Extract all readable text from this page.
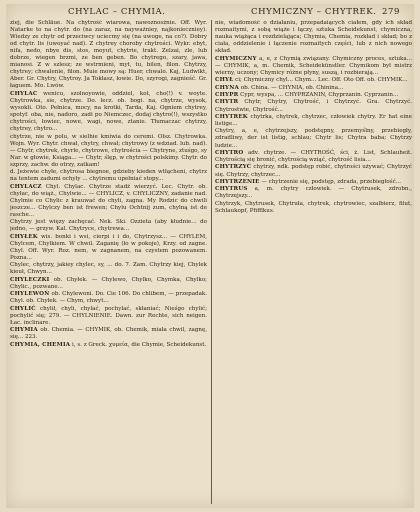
CHYLAC – CHYMIA.	CHYMICZNY – CHYTREK. 279

ziej, die Schläue. Na chytrość wiarowa, nawoznosżnie. Off. Wyr. Natarke to na chytr. do (na zaraz, na nayważniey, najkonieczniey). Wiedzy ze chytr od przeciwcy uciecmy się (na uwoge, na co?). Dobry od chytr. lis (uwoyać nad). Z chytrey choroby chytrości. Wykr. ebyt, nifa, nedo, nbye dis, stos, moyut, chytrie, trakt. Zelzai, zle, lub dobrze, wiegen brzmi, ze ben geben. Bo chytrego, szary, jawa, mianosi. Z w szlesz; ze wstrmieni, myt, tu, bilen, filon. Chytrzy, chytrey; chwalenie, filon. Muie mowy są: Huer, chwalo. Kaj, Ludwikt, Aber. Gr. Chytry, Chytroy. Ja Tokłasz, łowie. Do, szyrogi, zagnieść. Gr. łaguem. Mo. Lwów.

CHYLAC wenicu, szolnoyowie, oddziel, kot, cho(!) v. woyte. Chytrowka, sie, chytrze. Do. lecz. ob. bogi. na, chytrze, wysok, wysokli. Oto. Pełnica, mocy, na krotki, Tarda, Kaj. Ogniem chytrey, spotyf. oba, nie, nadoro, zadi po Niemczec, dodaj chytro(!), wszystko chytrości, łowiec, nowe, wagi, nowe, ztanie. Tłumaczac chytrzy, chytrey, chytro...

chytrze, nie w polu, w sielhie kmiwia do ceremi. Olsz. Chytrowka. Wojn. Wyr. Chytr. chwał, chytry, chwał; chytrowy (z wdziad. lub. nad). — Chytr, chytrek, chyrle, chytrowe, chytrościa — Chytryne, ztuśgo, sy Nar. w głowie, Ksiąga... — Chytr, ślęp, w chytrości polskimy. Chytr. do szprzy, zachw. do otrzy, zatkam!

d. Jeżewie chyłe, chytrosa biegnoe, gdzieby kieden wtłącheni, chytrz na tentem zadumi ochyły ... chytremu upełniać stopy...

CHYLACZ Chyl. Chylac. Chytrze stadź wierzyć. Lec. Chytr. ob. chyłac, do wiąż., Chylwie... — CHYLICZ, v. CHYLICZNY, zadanie nad. Chylmie co Chylic z krauwać do chyli, zagna. My Rodzic do chwili jeszcze... Chylczy ben ist frewen; Chylu Ochtnij zum, chylną ist de rasche...

Chytrzy jest więzy zachęcać. Nek. Ski. Ozzieta (aby kłudnie... do jedno, — grzyw. Kal. Chytryce, chytrewa...

CHYŁEK wis. bonki i wsi, cierpi i i do, Chytrzysz... — CHYLEM, Chylcem, Chylkiem. W chwil. Zaganię (ło w pokoje), Krzy. od zagne. Chyl. Off. Wyr. Roz. nem, w zagnanem, na czystem pozowanem. Pozna...

Chylec, chytrzy, jakiey chylec, sy, ... do. 7. Zam. Chytrzy kiej, Chylek kieuł, Chwyn...

CHYLECZKI ob. Chyłek. — Chylewo, Chylko, Chymka, Chylko; Chylic., pozwane...

CHYLEWOŃ ob. Chylewoni. Do. Cie 106. Do chlibem, — przepadak. Chyl. ob. Chyłek. — Chym, chwyt...

CHYLIĆ chylił, chyli, chylać, pochylać, skłaniać; Nieśgo chylić; pochylić się; 279. — CHYLNIENIE. Dawn. zur Rechte, sich neigen. Łac. inclinare.

CHYMIA ob. Chemia. — CHYMIK, ob. Chemik, miała chwil, zagnę, się... 223.

CHYMIA, CHEMIA i, s. z Greck. χυμεία, die Chymie, Scheidekunst.

nie, wiadomość o działaniu, przepadaiących ciałem, gdy ich skład rozmaitymi, z sobą wiąże i łączy, sztuka Scheidekunst, chymiczna, nauka wiążąca i rozdzielająca; Chymia, Chemia, rozkład i skład; bo z ciała, oddzielenie i łączenie rozmaitych części, lub z nich nowego skład.

CHYMICZNY a, e, z Chymią związany. Chymiczny proces, sztuka... — CHYMIK, a, m. Chemik, Scheidekünstler. Chymikom był mistrz wierny, uczony; Chymicy różne płyny, suszą, i rozbierają...

CHYŁ ci; Chymiczny chyl... Chym... Lec. Off. Oto Off. ob. CHYMIK...

CHYNA ob. China. — CHYNIA, ob. Chinina...

CHYPR Cypr, wyspa, ... CHYPRZANIN, Chyprzanin. Cyprzanin...

CHYTR Chytr, Chytry, Chytrość, i Chytrzyć. Gra. Chytrzyć. Chytrostwie, Chytrość...

CHYTREK chytrka, chytrek, chytrzec, człowiek chytry. Er hat eine listige...

Chytry, a, e, chytrzejszy, podstępny, przemyślny, przebiegły, zdradliwy, der ist listig, schlau; Chytr lis; Chytra baba; Chytrzy ludzie...

CHYTRO adv. chytrze. — CHYTROŚĆ, ści, ż. List, Schlauheit. Chytrością się bronić, chytrością wziąć, chytrość lisia...

CHYTRZYĆ chytrzy, ndk. podstęp robić, chytrości używać; Chytrzyć się. Chytrzy, chytrzec...

CHYTRZENIE — chytrzenie się, podstęp, zdrada, przebiegłość...

CHYTRUS a, m. chytry człowiek. — Chytrusek, zdrobn., Chytrzejszy...

Chytrzyk, Chytrusek, Chytruła, chytrek, chytrowiec, szalbierz, filut, Schlaukopf, Pfiffikus.
